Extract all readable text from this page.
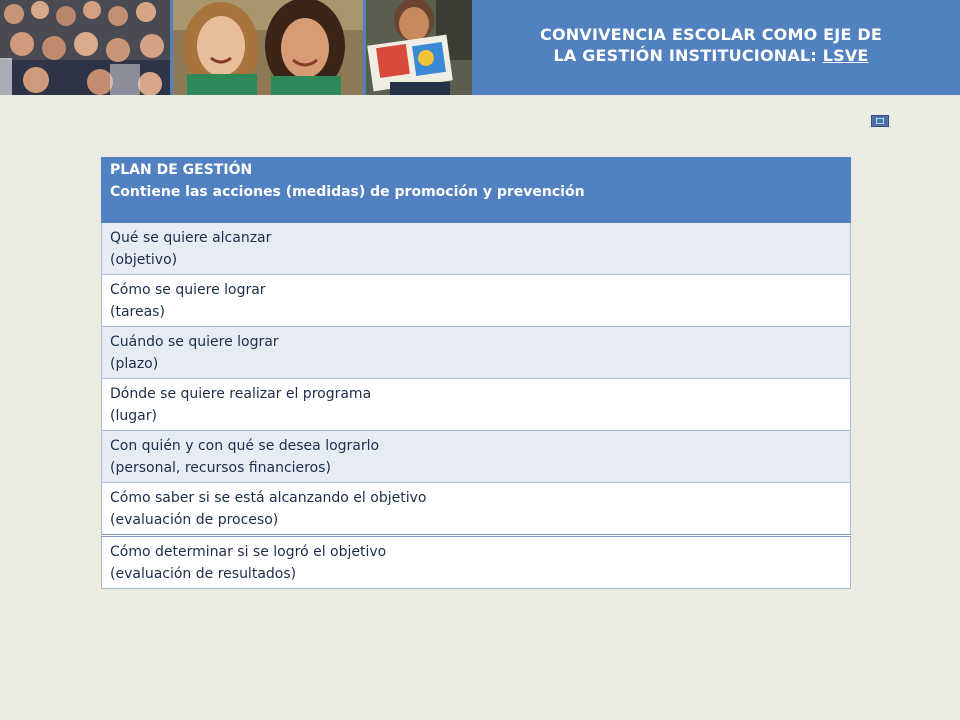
CONVIVENCIA ESCOLAR COMO EJE DE
LA GESTIÓN INSTITUCIONAL: LSVE
PLAN DE GESTIÓN
Contiene las acciones (medidas) de promoción y prevención

Qué se quiere alcanzar
(objetivo)

Cómo se quiere lograr
(tareas)

Cuándo se quiere lograr
(plazo)

Dónde se quiere realizar el programa
(lugar)

Con quién y con qué se desea lograrlo
(personal, recursos financieros)

Cómo saber si se está alcanzando el objetivo
(evaluación de proceso)

Cómo determinar si se logró el objetivo
(evaluación de resultados)
